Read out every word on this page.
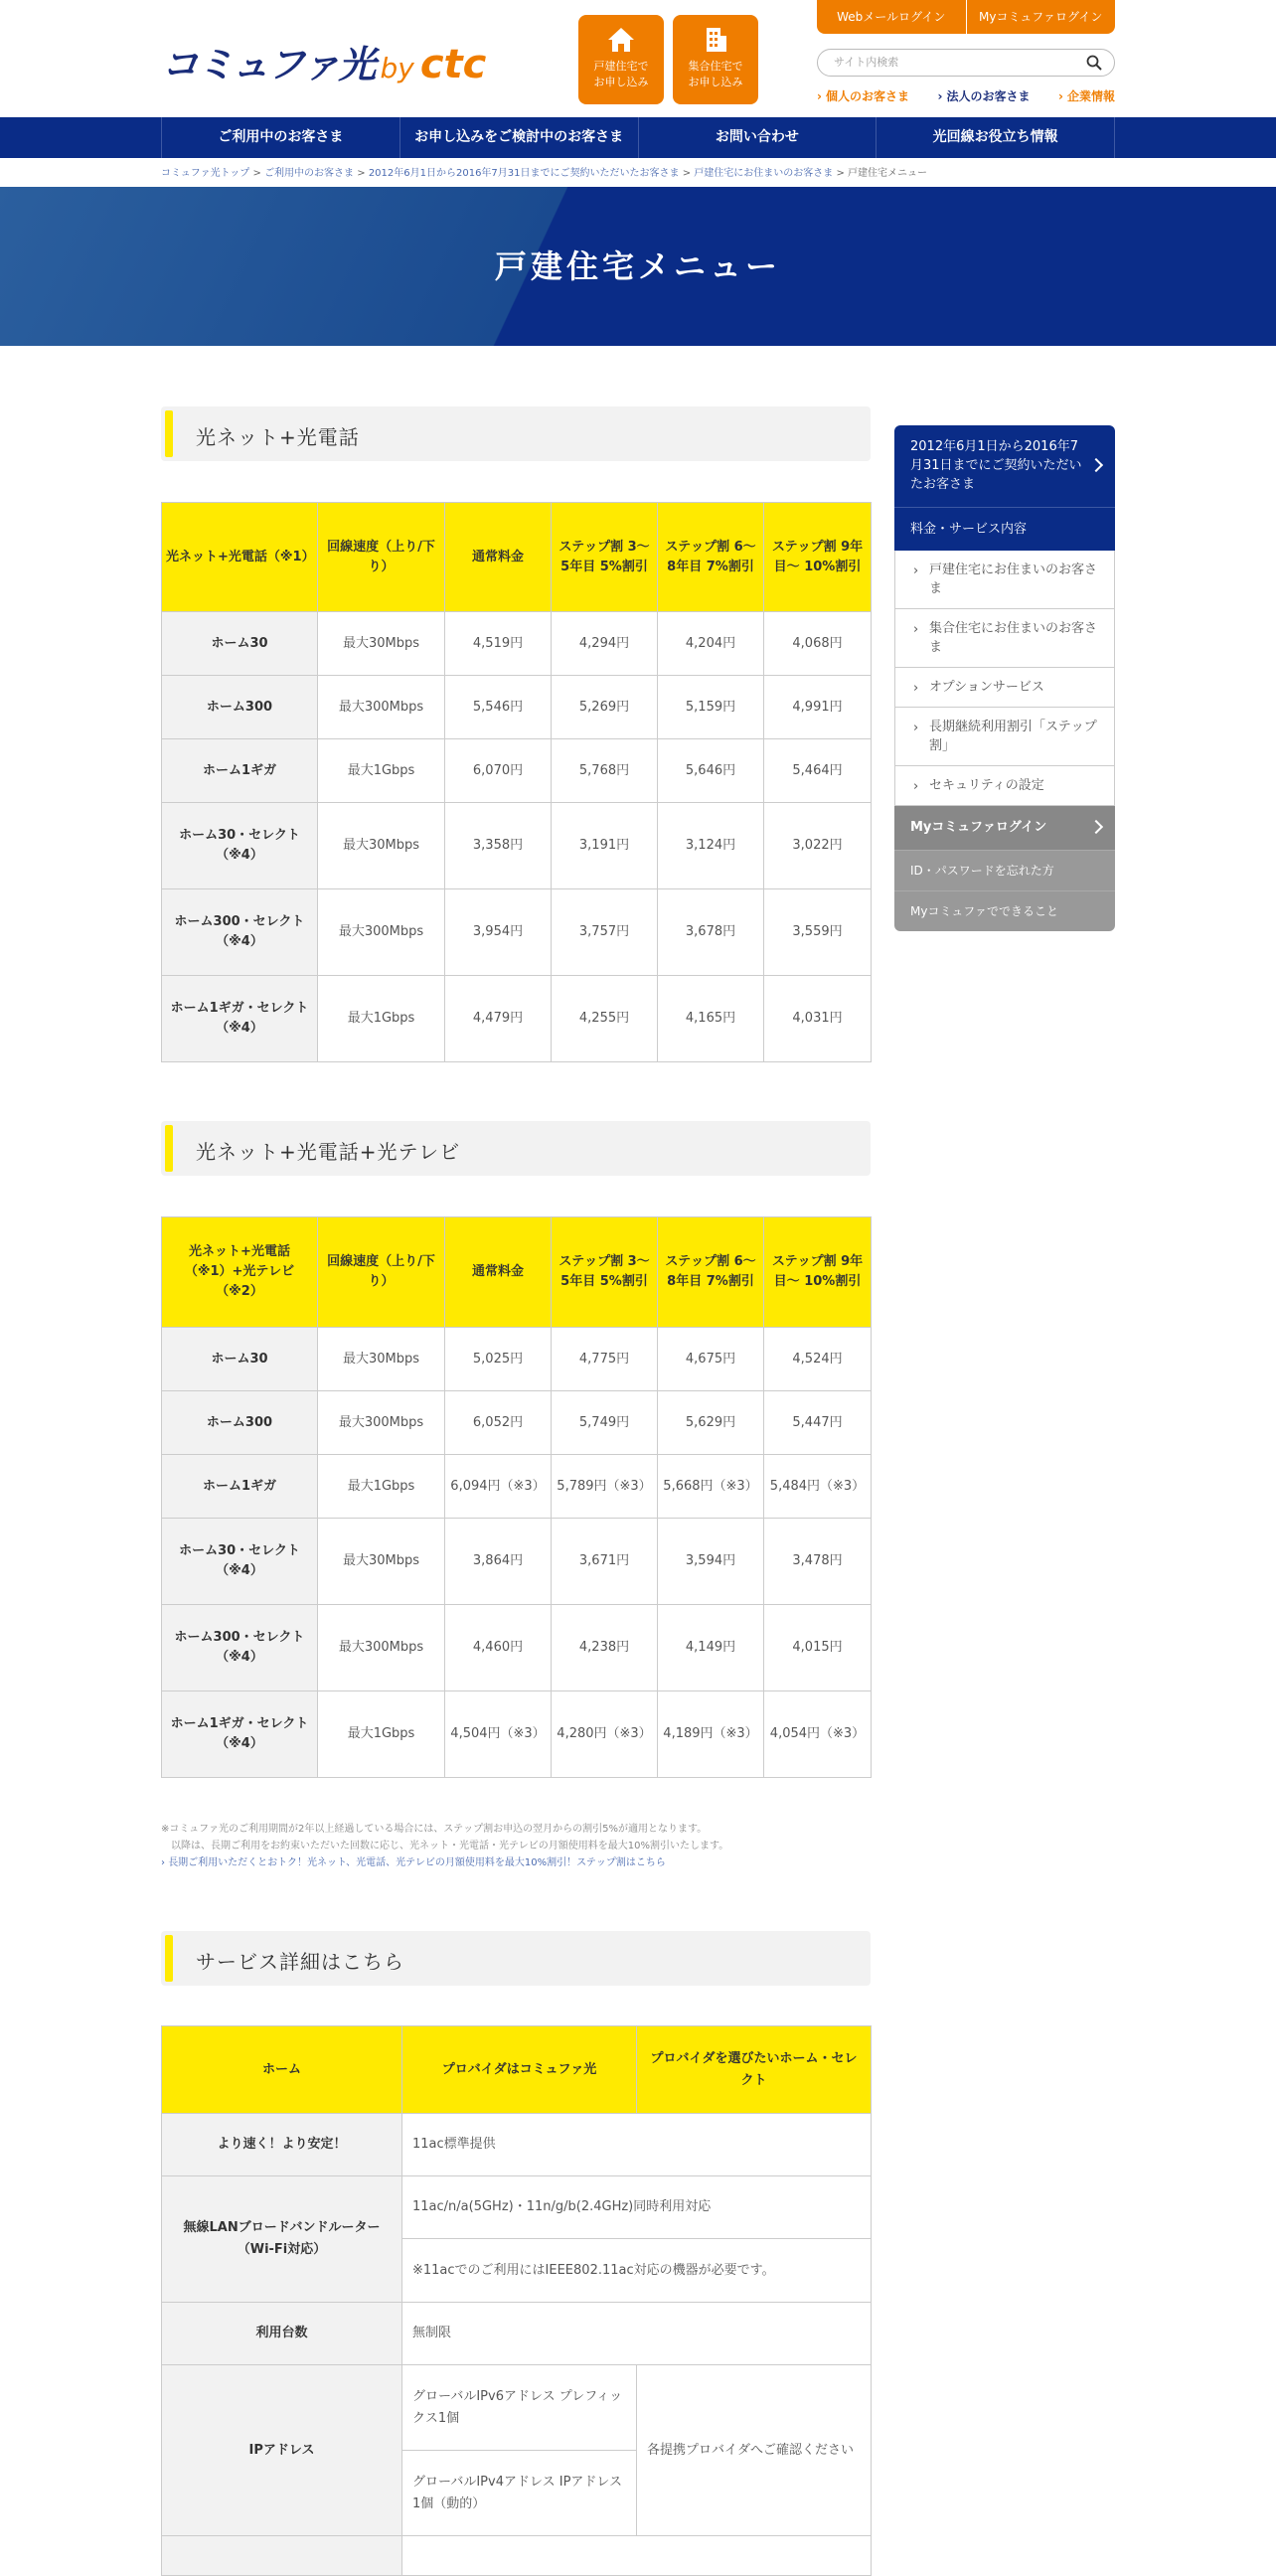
コミュファ光 by ctc	戸建住宅で
お申し込み
集合住宅で
お申し込み
Webメールログイン	Myコミュファログイン
サイト内検索
› 個人のお客さま › 法人のお客さま › 企業情報
ご利用中のお客さま	お申し込みをご検討中のお客さま	お問い合わせ	光回線お役立ち情報
コミュファ光トップ > ご利用中のお客さま > 2012年6月1日から2016年7月31日までにご契約いただいたお客さま > 戸建住宅にお住まいのお客さま > 戸建住宅メニュー
戸建住宅メニュー
光ネット+光電話
光ネット+光電話（※1）	回線速度（上り/下り）	通常料金	ステップ割 3～5年目 5%割引	ステップ割 6～8年目 7%割引	ステップ割 9年目～ 10%割引
ホーム30	最大30Mbps	4,519円	4,294円	4,204円	4,068円
ホーム300	最大300Mbps	5,546円	5,269円	5,159円	4,991円
ホーム1ギガ	最大1Gbps	6,070円	5,768円	5,646円	5,464円
ホーム30・セレクト（※4）	最大30Mbps	3,358円	3,191円	3,124円	3,022円
ホーム300・セレクト（※4）	最大300Mbps	3,954円	3,757円	3,678円	3,559円
ホーム1ギガ・セレクト（※4）	最大1Gbps	4,479円	4,255円	4,165円	4,031円
光ネット+光電話+光テレビ
光ネット+光電話（※1）+光テレビ（※2）	回線速度（上り/下り）	通常料金	ステップ割 3～5年目 5%割引	ステップ割 6～8年目 7%割引	ステップ割 9年目～ 10%割引
ホーム30	最大30Mbps	5,025円	4,775円	4,675円	4,524円
ホーム300	最大300Mbps	6,052円	5,749円	5,629円	5,447円
ホーム1ギガ	最大1Gbps	6,094円（※3）	5,789円（※3）	5,668円（※3）	5,484円（※3）
ホーム30・セレクト（※4）	最大30Mbps	3,864円	3,671円	3,594円	3,478円
ホーム300・セレクト（※4）	最大300Mbps	4,460円	4,238円	4,149円	4,015円
ホーム1ギガ・セレクト（※4）	最大1Gbps	4,504円（※3）	4,280円（※3）	4,189円（※3）	4,054円（※3）
※コミュファ光のご利用期間が2年以上経過している場合には、ステップ割お申込の翌月からの割引5%が適用となります。
以降は、長期ご利用をお約束いただいた回数に応じ、光ネット・光電話・光テレビの月額使用料を最大10%割引いたします。
› 長期ご利用いただくとおトク！光ネット、光電話、光テレビの月額使用料を最大10%割引！ステップ割はこちら
サービス詳細はこちら
ホーム	プロバイダはコミュファ光	プロバイダを選びたいホーム・セレクト
より速く！より安定！	11ac標準提供	
無線LANブロードバンドルーター（Wi-Fi対応）	11ac/n/a(5GHz)・11n/g/b(2.4GHz)同時利用対応	
	※11acでのご利用にはIEEE802.11ac対応の機器が必要です。	
利用台数	無制限	
IPアドレス	グローバルIPv6アドレス プレフィックス1個	各提携プロバイダへご確認ください
	グローバルIPv4アドレス IPアドレス1個（動的）	

2012年6月1日から2016年7月31日までにご契約いただいたお客さま
料金・サービス内容
› 戸建住宅にお住まいのお客さま
› 集合住宅にお住まいのお客さま
› オプションサービス
› 長期継続利用割引「ステップ割」
› セキュリティの設定
Myコミュファログイン
ID・パスワードを忘れた方
Myコミュファでできること
